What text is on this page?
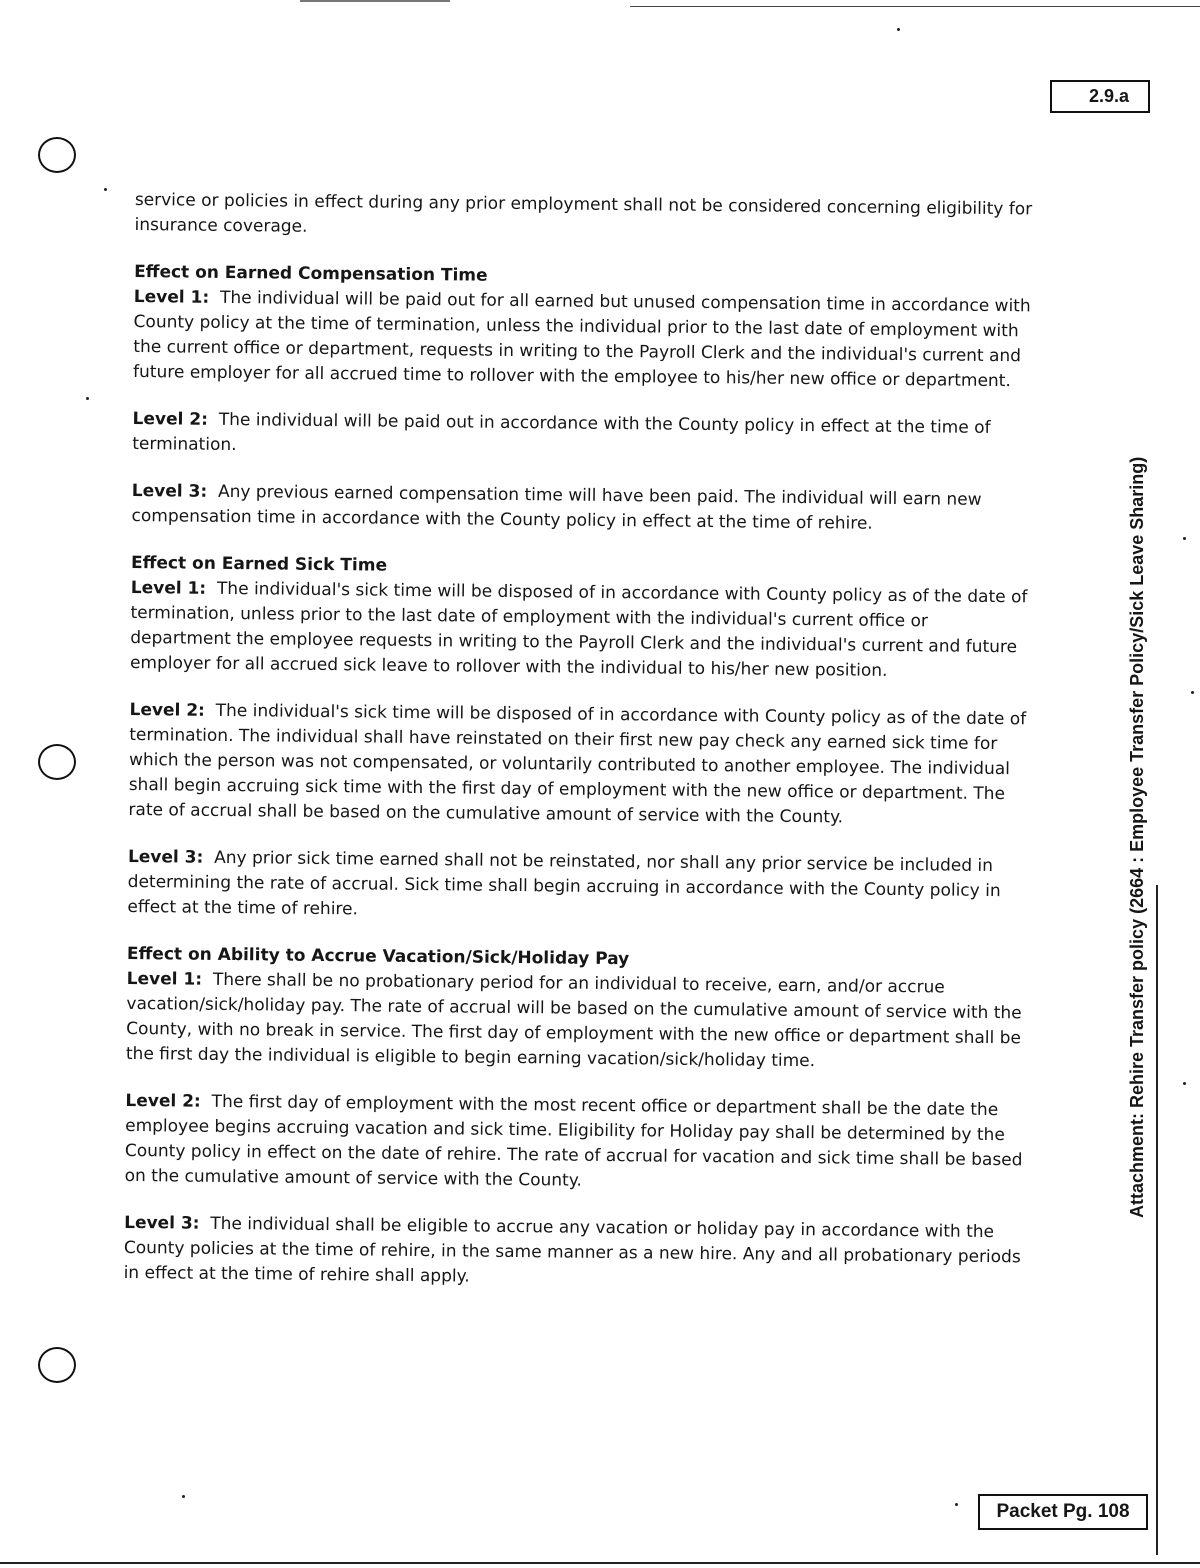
2.9.a
Attachment: Rehire Transfer policy (2664 : Employee Transfer Policy/Sick Leave Sharing)

service or policies in effect during any prior employment shall not be considered concerning eligibility for insurance coverage.

Effect on Earned Compensation Time

Level 1: The individual will be paid out for all earned but unused compensation time in accordance with County policy at the time of termination, unless the individual prior to the last date of employment with the current office or department, requests in writing to the Payroll Clerk and the individual's current and future employer for all accrued time to rollover with the employee to his/her new office or department.

Level 2: The individual will be paid out in accordance with the County policy in effect at the time of termination.

Level 3: Any previous earned compensation time will have been paid. The individual will earn new compensation time in accordance with the County policy in effect at the time of rehire.

Effect on Earned Sick Time

Level 1: The individual's sick time will be disposed of in accordance with County policy as of the date of termination, unless prior to the last date of employment with the individual's current office or department the employee requests in writing to the Payroll Clerk and the individual's current and future employer for all accrued sick leave to rollover with the individual to his/her new position.

Level 2: The individual's sick time will be disposed of in accordance with County policy as of the date of termination. The individual shall have reinstated on their first new pay check any earned sick time for which the person was not compensated, or voluntarily contributed to another employee. The individual shall begin accruing sick time with the first day of employment with the new office or department. The rate of accrual shall be based on the cumulative amount of service with the County.

Level 3: Any prior sick time earned shall not be reinstated, nor shall any prior service be included in determining the rate of accrual. Sick time shall begin accruing in accordance with the County policy in effect at the time of rehire.

Effect on Ability to Accrue Vacation/Sick/Holiday Pay

Level 1: There shall be no probationary period for an individual to receive, earn, and/or accrue vacation/sick/holiday pay. The rate of accrual will be based on the cumulative amount of service with the County, with no break in service. The first day of employment with the new office or department shall be the first day the individual is eligible to begin earning vacation/sick/holiday time.

Level 2: The first day of employment with the most recent office or department shall be the date the employee begins accruing vacation and sick time. Eligibility for Holiday pay shall be determined by the County policy in effect on the date of rehire. The rate of accrual for vacation and sick time shall be based on the cumulative amount of service with the County.

Level 3: The individual shall be eligible to accrue any vacation or holiday pay in accordance with the County policies at the time of rehire, in the same manner as a new hire. Any and all probationary periods in effect at the time of rehire shall apply.

Packet Pg. 108
